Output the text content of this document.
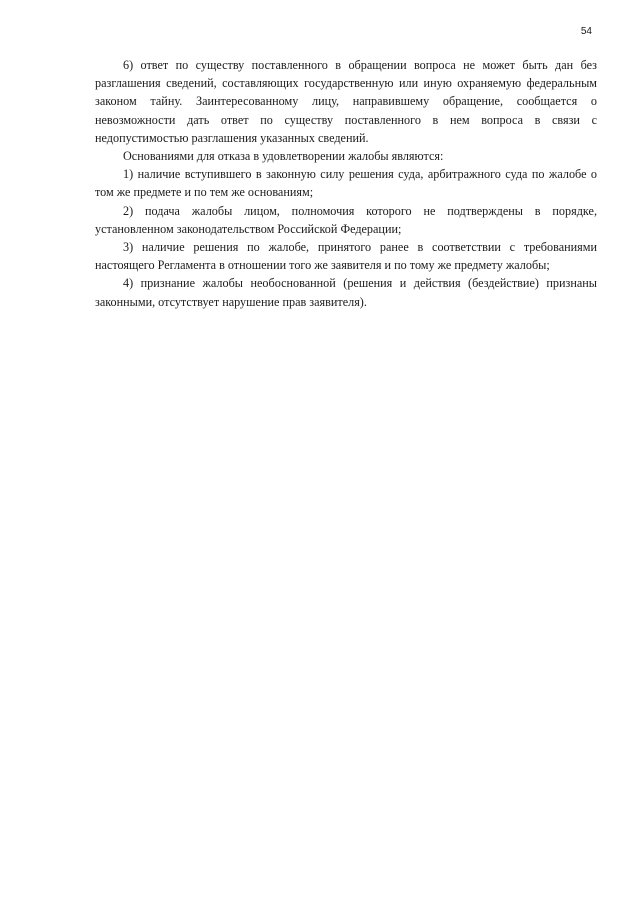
54

6) ответ по существу поставленного в обращении вопроса не может быть дан без разглашения сведений, составляющих государственную или иную охраняемую федеральным законом тайну. Заинтересованному лицу, направившему обращение, сообщается о невозможности дать ответ по существу поставленного в нем вопроса в связи с недопустимостью разглашения указанных сведений.

Основаниями для отказа в удовлетворении жалобы являются:

1) наличие вступившего в законную силу решения суда, арбитражного суда по жалобе о том же предмете и по тем же основаниям;

2) подача жалобы лицом, полномочия которого не подтверждены в порядке, установленном законодательством Российской Федерации;

3) наличие решения по жалобе, принятого ранее в соответствии с требованиями настоящего Регламента в отношении того же заявителя и по тому же предмету жалобы;

4) признание жалобы необоснованной (решения и действия (бездействие) признаны законными, отсутствует нарушение прав заявителя).
